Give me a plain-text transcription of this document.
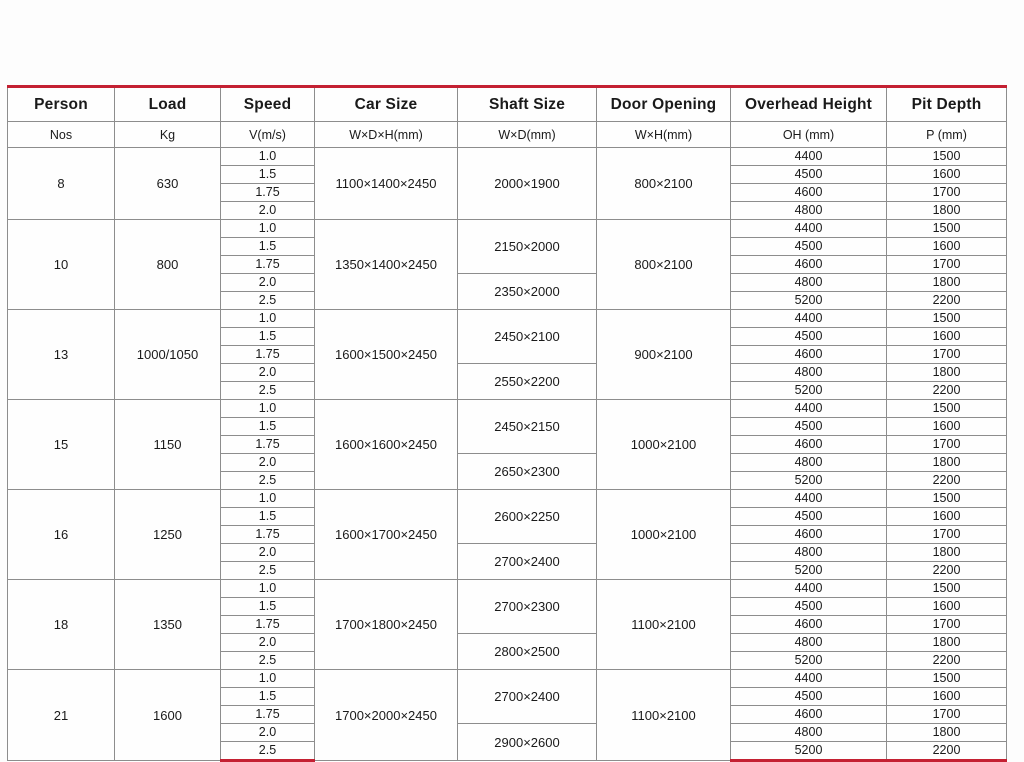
Person	Load	Speed	Car Size	Shaft Size	Door Opening	Overhead Height	Pit Depth
Nos	Kg	V(m/s)	W×D×H(mm)	W×D(mm)	W×H(mm)	OH (mm)	P (mm)
8	630	1.0	1100×1400×2450	2000×1900	800×2100	4400	1500
		1.5				4500	1600
		1.75				4600	1700
		2.0				4800	1800
10	800	1.0	1350×1400×2450	2150×2000	800×2100	4400	1500
		1.5				4500	1600
		1.75				4600	1700
		2.0		2350×2000		4800	1800
		2.5				5200	2200
13	1000/1050	1.0	1600×1500×2450	2450×2100	900×2100	4400	1500
		1.5				4500	1600
		1.75				4600	1700
		2.0		2550×2200		4800	1800
		2.5				5200	2200
15	1150	1.0	1600×1600×2450	2450×2150	1000×2100	4400	1500
		1.5				4500	1600
		1.75				4600	1700
		2.0		2650×2300		4800	1800
		2.5				5200	2200
16	1250	1.0	1600×1700×2450	2600×2250	1000×2100	4400	1500
		1.5				4500	1600
		1.75				4600	1700
		2.0		2700×2400		4800	1800
		2.5				5200	2200
18	1350	1.0	1700×1800×2450	2700×2300	1100×2100	4400	1500
		1.5				4500	1600
		1.75				4600	1700
		2.0		2800×2500		4800	1800
		2.5				5200	2200
21	1600	1.0	1700×2000×2450	2700×2400	1100×2100	4400	1500
		1.5				4500	1600
		1.75				4600	1700
		2.0		2900×2600		4800	1800
		2.5				5200	2200
